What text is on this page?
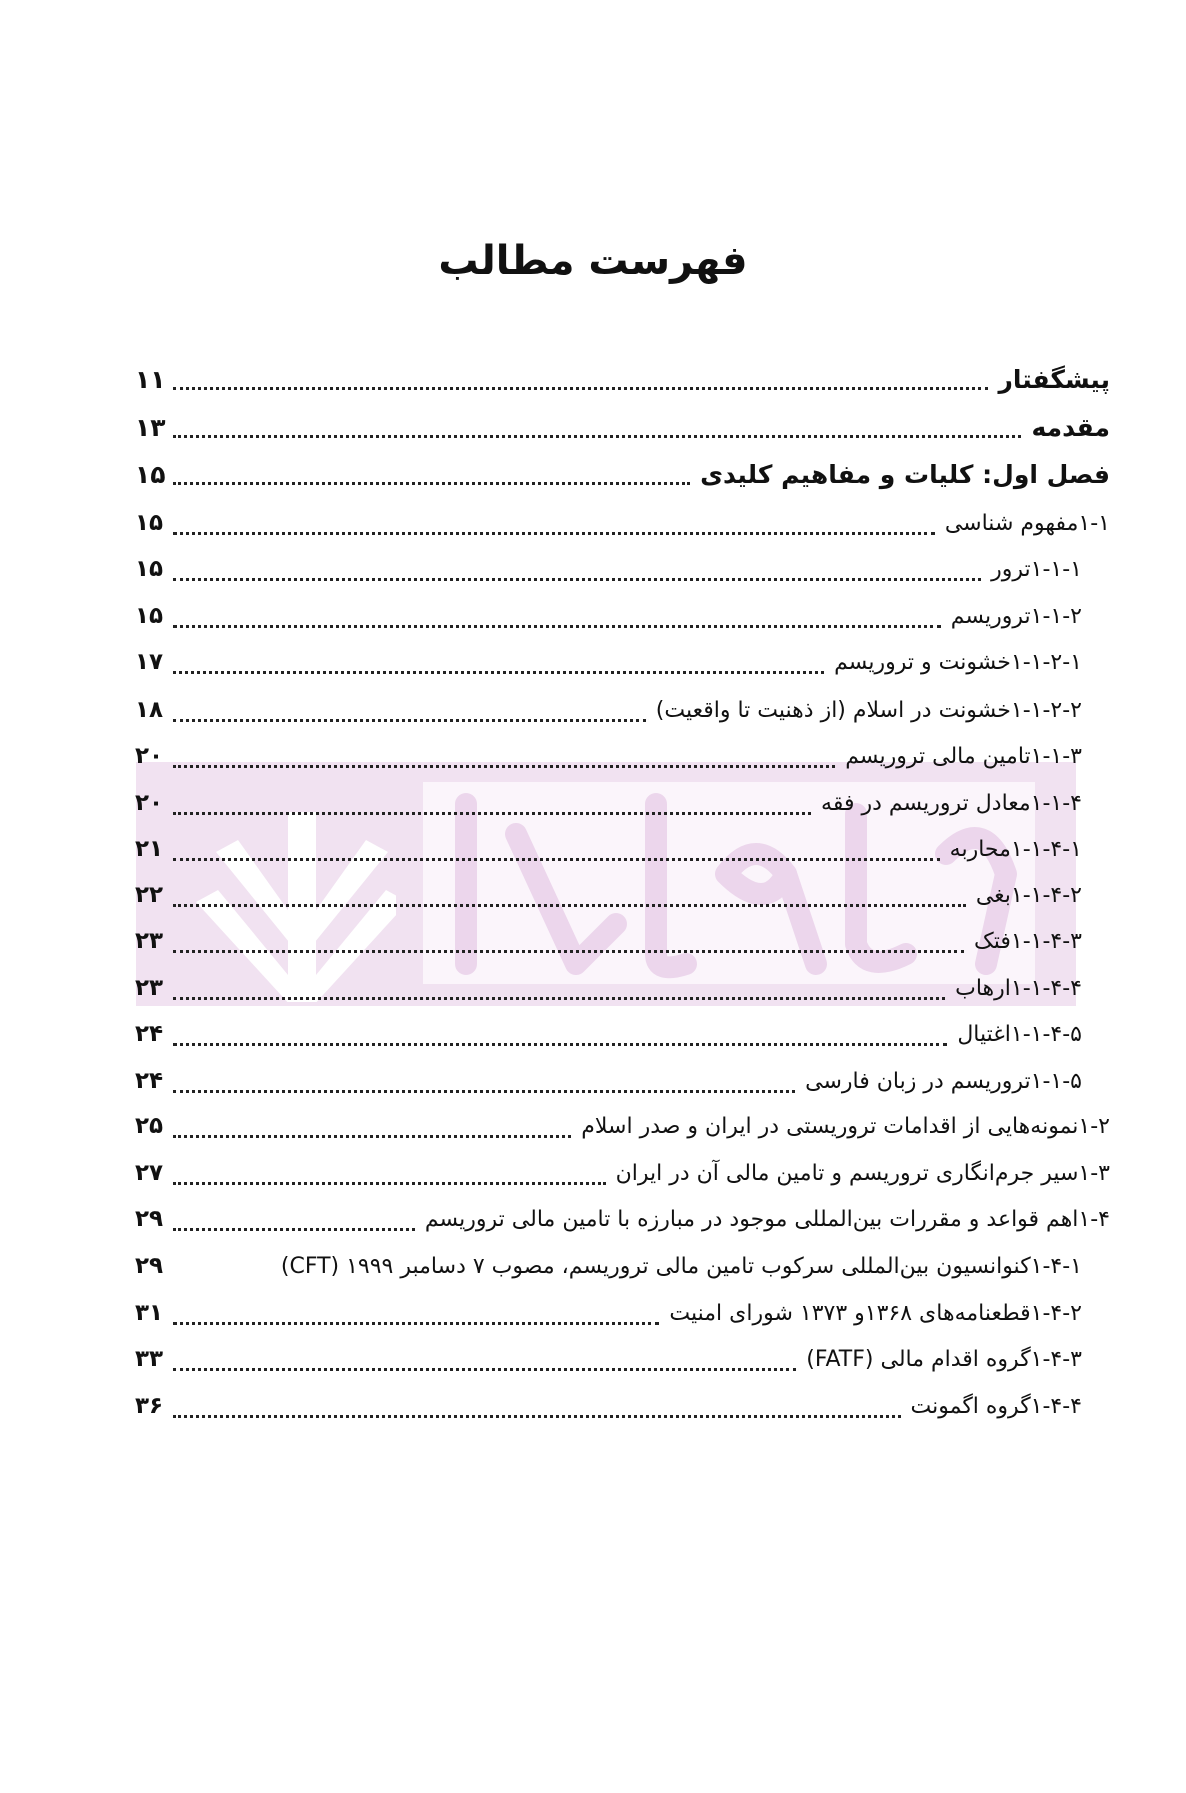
فهرست مطالب
پیشگفتار
۱۱
مقدمه
۱۳
فصل اول: کلیات و مفاهیم کلیدی
۱۵
۱-۱مفهوم شناسی
۱۵
۱-۱-۱ترور
۱۵
۱-۱-۲تروریسم
۱۵
۱-۱-۲-۱خشونت و تروریسم
۱۷
۱-۱-۲-۲خشونت در اسلام (از ذهنیت تا واقعیت)
۱۸
۱-۱-۳تامین مالی تروریسم
۲۰
۱-۱-۴معادل تروریسم در فقه
۲۰
۱-۱-۴-۱محاربه
۲۱
۱-۱-۴-۲بغی
۲۲
۱-۱-۴-۳فتک
۲۳
۱-۱-۴-۴ارهاب
۲۳
۱-۱-۴-۵اغتیال
۲۴
۱-۱-۵تروریسم در زبان فارسی
۲۴
۱-۲نمونه‌هایی از اقدامات تروریستی در ایران و صدر اسلام
۲۵
۱-۳سیر جرم‌انگاری تروریسم و تامین مالی آن در ایران
۲۷
۱-۴اهم قواعد و مقررات بین‌المللی موجود در مبارزه با تامین مالی تروریسم
۲۹
۱-۴-۱کنوانسیون بین‌المللی سرکوب تامین مالی تروریسم، مصوب ۷ دسامبر ۱۹۹۹ (CFT)
۲۹
۱-۴-۲قطعنامه‌های ۱۳۶۸و ۱۳۷۳ شورای امنیت
۳۱
۱-۴-۳گروه اقدام مالی (FATF)
۳۳
۱-۴-۴گروه اگمونت
۳۶
